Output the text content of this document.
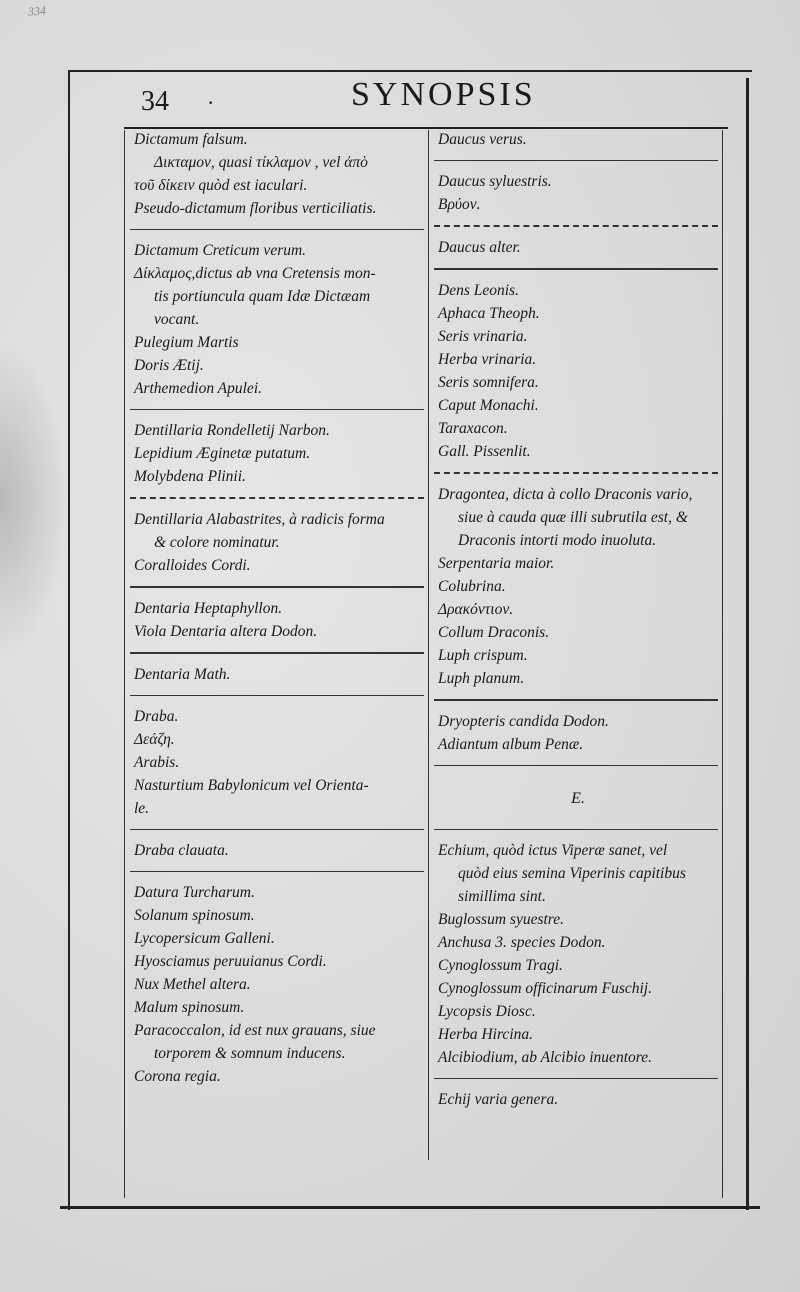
334
34 ·	SYNOPSIS
Dictamum falsum.
Δικταμον, quasi τίκλαμον , vel ἀπὸ
τοῦ δίκειν quòd est iaculari.
Pseudo-dictamum floribus verticiliatis.
Dictamum Creticum verum.
Δίκλαμος,dictus ab vna Cretensis mon-
tis portiuncula quam Idæ Dictæam
vocant.
Pulegium Martis
Doris Ætij.
Arthemedion Apulei.
Dentillaria Rondelletij Narbon.
Lepidium Æginetæ putatum.
Molybdena Plinii.
Dentillaria Alabastrites, à radicis forma
& colore nominatur.
Coralloides Cordi.
Dentaria Heptaphyllon.
Viola Dentaria altera Dodon.
Dentaria Math.
Draba.
Δεάζη.
Arabis.
Nasturtium Babylonicum vel Orienta-
le.
Draba clauata.
Datura Turcharum.
Solanum spinosum.
Lycopersicum Galleni.
Hyosciamus peruuianus Cordi.
Nux Methel altera.
Malum spinosum.
Paracoccalon, id est nux grauans, siue
torporem & somnum inducens.
Corona regia.
Daucus verus.
Daucus syluestris.
Βρύον.
Daucus alter.
Dens Leonis.
Aphaca Theoph.
Seris vrinaria.
Herba vrinaria.
Seris somnifera.
Caput Monachi.
Taraxacon.
Gall. Pissenlit.
Dragontea, dicta à collo Draconis vario,
siue à cauda quæ illi subrutila est, &
Draconis intorti modo inuoluta.
Serpentaria maior.
Colubrina.
Δρακόντιον.
Collum Draconis.
Luph crispum.
Luph planum.
Dryopteris candida Dodon.
Adiantum album Penæ.
E.
Echium, quòd ictus Viperæ sanet, vel
quòd eius semina Viperinis capitibus
simillima sint.
Buglossum syuestre.
Anchusa 3. species Dodon.
Cynoglossum Tragi.
Cynoglossum officinarum Fuschij.
Lycopsis Diosc.
Herba Hircina.
Alcibiodium, ab Alcibio inuentore.
Echij varia genera.
